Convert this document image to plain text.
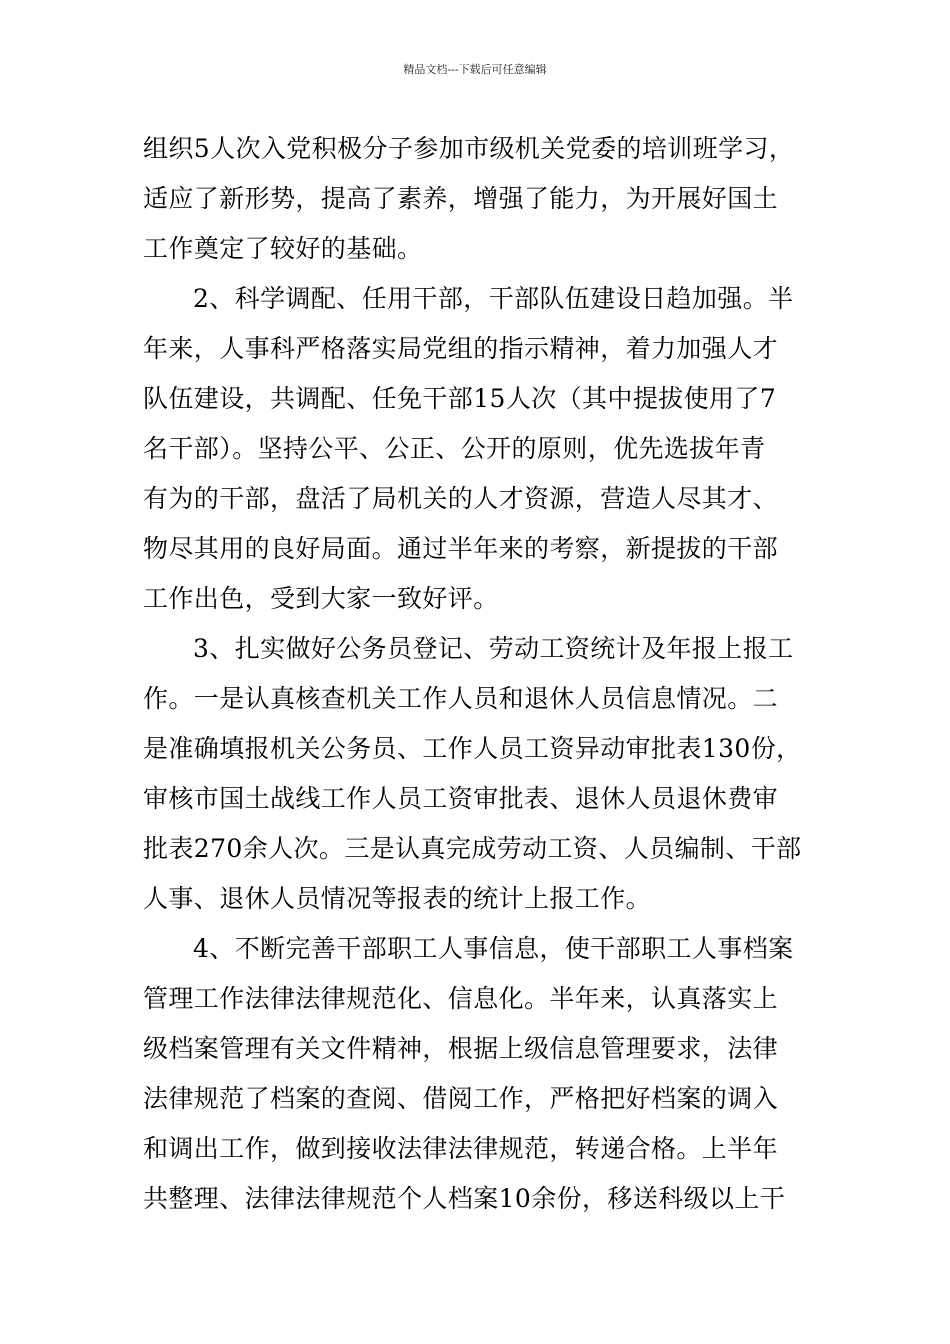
精品文档---下载后可任意编辑
组织5人次入党积极分子参加市级机关党委的培训班学习，
适应了新形势，提高了素养，增强了能力，为开展好国土
工作奠定了较好的基础。
2、科学调配、任用干部，干部队伍建设日趋加强。半
年来，人事科严格落实局党组的指示精神，着力加强人才
队伍建设，共调配、任免干部15人次（其中提拔使用了7
名干部）。坚持公平、公正、公开的原则，优先选拔年青
有为的干部，盘活了局机关的人才资源，营造人尽其才、
物尽其用的良好局面。通过半年来的考察，新提拔的干部
工作出色，受到大家一致好评。
3、扎实做好公务员登记、劳动工资统计及年报上报工
作。一是认真核查机关工作人员和退休人员信息情况。二
是准确填报机关公务员、工作人员工资异动审批表130份，
审核市国土战线工作人员工资审批表、退休人员退休费审
批表270余人次。三是认真完成劳动工资、人员编制、干部
人事、退休人员情况等报表的统计上报工作。
4、不断完善干部职工人事信息，使干部职工人事档案
管理工作法律法律规范化、信息化。半年来，认真落实上
级档案管理有关文件精神，根据上级信息管理要求，法律
法律规范了档案的查阅、借阅工作，严格把好档案的调入
和调出工作，做到接收法律法律规范，转递合格。上半年
共整理、法律法律规范个人档案10余份，移送科级以上干
